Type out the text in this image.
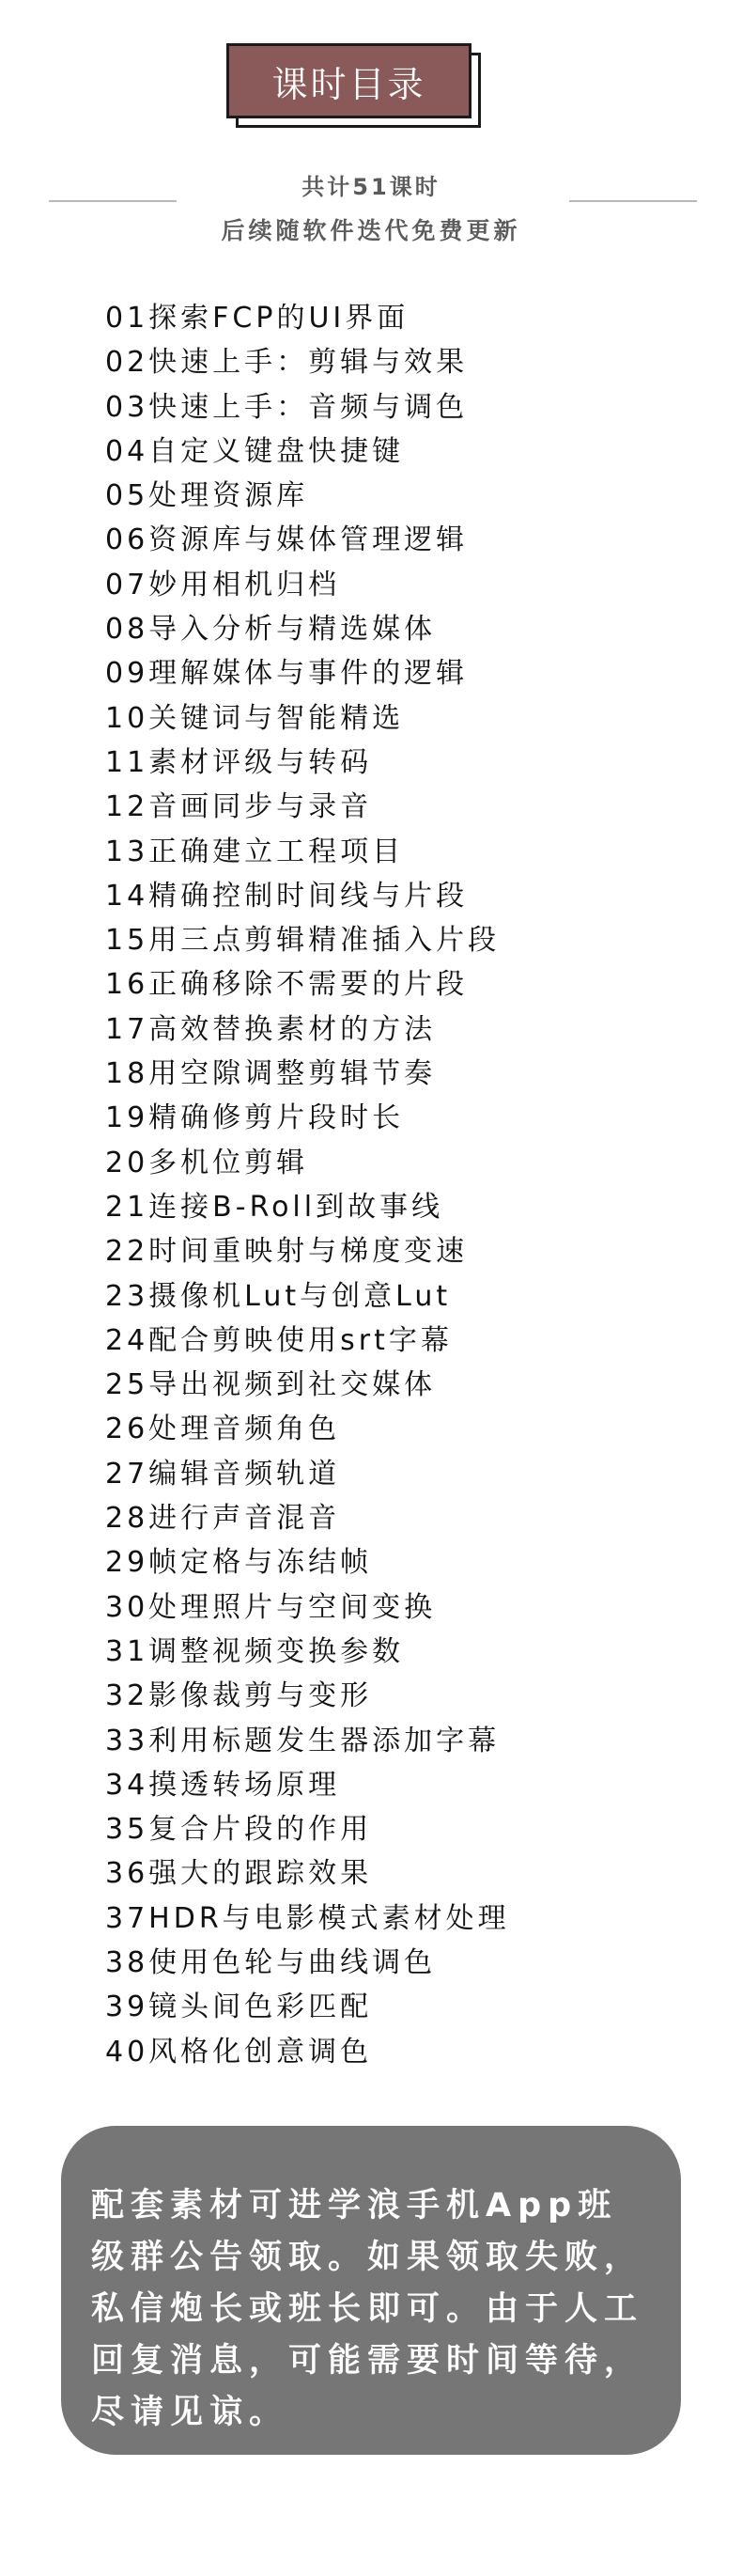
课时目录
共计51课时
后续随软件迭代免费更新
01探索FCP的UI界面
02快速上手：剪辑与效果
03快速上手：音频与调色
04自定义键盘快捷键
05处理资源库
06资源库与媒体管理逻辑
07妙用相机归档
08导入分析与精选媒体
09理解媒体与事件的逻辑
10关键词与智能精选
11素材评级与转码
12音画同步与录音
13正确建立工程项目
14精确控制时间线与片段
15用三点剪辑精准插入片段
16正确移除不需要的片段
17高效替换素材的方法
18用空隙调整剪辑节奏
19精确修剪片段时长
20多机位剪辑
21连接B-Roll到故事线
22时间重映射与梯度变速
23摄像机Lut与创意Lut
24配合剪映使用srt字幕
25导出视频到社交媒体
26处理音频角色
27编辑音频轨道
28进行声音混音
29帧定格与冻结帧
30处理照片与空间变换
31调整视频变换参数
32影像裁剪与变形
33利用标题发生器添加字幕
34摸透转场原理
35复合片段的作用
36强大的跟踪效果
37HDR与电影模式素材处理
38使用色轮与曲线调色
39镜头间色彩匹配
40风格化创意调色

配套素材可进学浪手机App班级群公告领取。如果领取失败，私信炮长或班长即可。由于人工回复消息，可能需要时间等待，尽请见谅。
